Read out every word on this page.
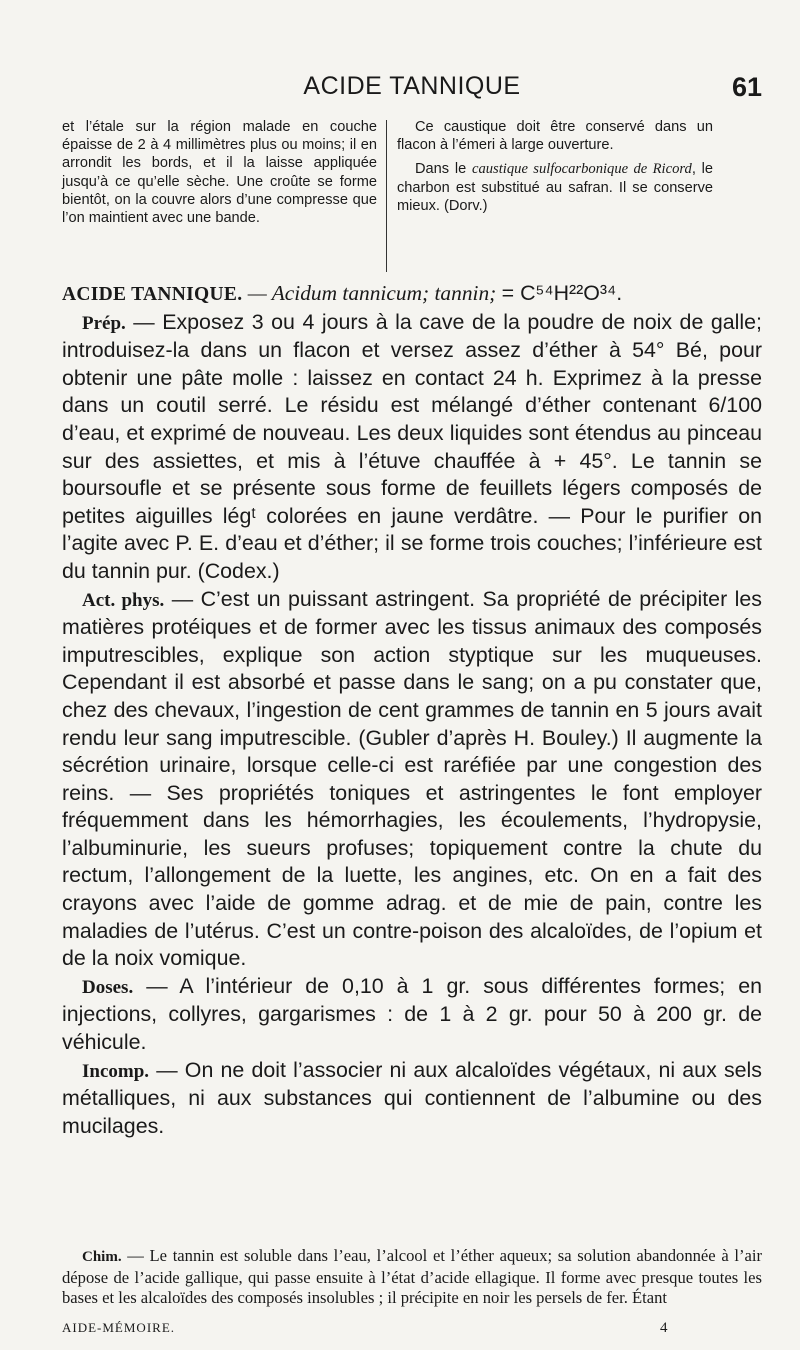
ACIDE TANNIQUE	61

et l’étale sur la région malade en couche épaisse de 2 à 4 millimètres plus ou moins; il en arrondit les bords, et il la laisse appliquée jusqu’à ce qu’elle sèche. Une croûte se forme bientôt, on la couvre alors d’une compresse que l’on maintient avec une bande.

Ce caustique doit être conservé dans un flacon à l’émeri à large ouverture.

Dans le caustique sulfocarbonique de Ricord, le charbon est substitué au safran. Il se conserve mieux. (Dorv.)

ACIDE TANNIQUE. — Acidum tannicum; tannin; = C⁵⁴H²²O³⁴.

Prép. — Exposez 3 ou 4 jours à la cave de la poudre de noix de galle; introduisez-la dans un flacon et versez assez d’éther à 54° Bé, pour obtenir une pâte molle : laissez en contact 24 h. Exprimez à la presse dans un coutil serré. Le résidu est mélangé d’éther contenant 6/100 d’eau, et exprimé de nouveau. Les deux liquides sont étendus au pinceau sur des assiettes, et mis à l’étuve chauffée à + 45°. Le tannin se boursoufle et se présente sous forme de feuillets légers composés de petites aiguilles légᵗ colorées en jaune verdâtre. — Pour le purifier on l’agite avec P. E. d’eau et d’éther; il se forme trois couches; l’inférieure est du tannin pur. (Codex.)

Act. phys. — C’est un puissant astringent. Sa propriété de précipiter les matières protéiques et de former avec les tissus animaux des composés imputrescibles, explique son action styptique sur les muqueuses. Cependant il est absorbé et passe dans le sang; on a pu constater que, chez des chevaux, l’ingestion de cent grammes de tannin en 5 jours avait rendu leur sang imputrescible. (Gubler d’après H. Bouley.) Il augmente la sécrétion urinaire, lorsque celle-ci est raréfiée par une congestion des reins. — Ses propriétés toniques et astringentes le font employer fréquemment dans les hémorrhagies, les écoulements, l’hydropysie, l’albuminurie, les sueurs profuses; topiquement contre la chute du rectum, l’allongement de la luette, les angines, etc. On en a fait des crayons avec l’aide de gomme adrag. et de mie de pain, contre les maladies de l’utérus. C’est un contre-poison des alcaloïdes, de l’opium et de la noix vomique.

Doses. — A l’intérieur de 0,10 à 1 gr. sous différentes formes; en injections, collyres, gargarismes : de 1 à 2 gr. pour 50 à 200 gr. de véhicule.

Incomp. — On ne doit l’associer ni aux alcaloïdes végétaux, ni aux sels métalliques, ni aux substances qui contiennent de l’albumine ou des mucilages.

Chim. — Le tannin est soluble dans l’eau, l’alcool et l’éther aqueux; sa solution abandonnée à l’air dépose de l’acide gallique, qui passe ensuite à l’état d’acide ellagique. Il forme avec presque toutes les bases et les alcaloïdes des composés insolubles ; il précipite en noir les persels de fer. Étant

AIDE-MÉMOIRE.	4
